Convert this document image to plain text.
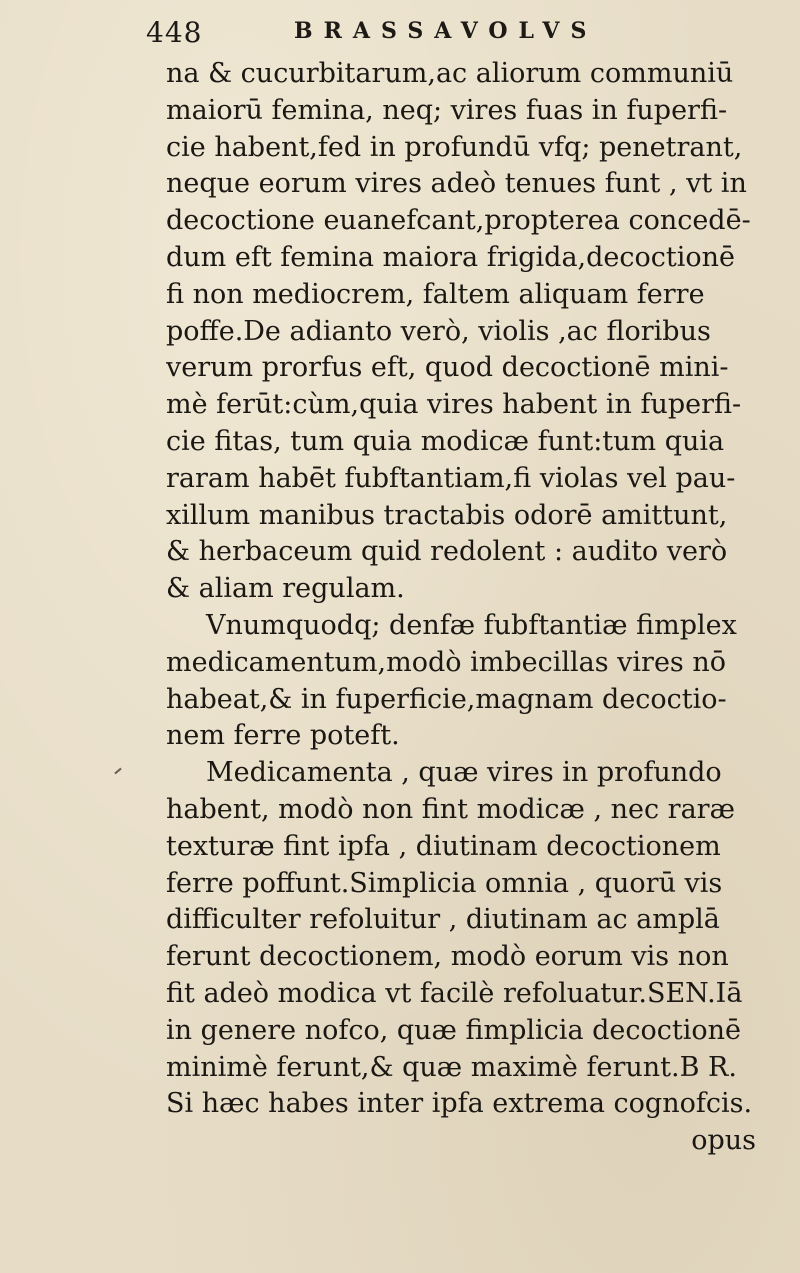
448	BRASSAVOLVS
na & cucurbitarum,ac aliorum communiū
maiorū femina, neq; vires fuas in fuperfi-
cie habent,fed in profundū vfq; penetrant,
neque eorum vires adeò tenues funt , vt in
decoctione euanefcant,propterea concedē-
dum eft femina maiora frigida,decoctionē
fi non mediocrem, faltem aliquam ferre
poffe.De adianto verò, violis ,ac floribus
verum prorfus eft, quod decoctionē mini-
mè ferūt:cùm,quia vires habent in fuperfi-
cie fitas, tum quia modicæ funt:tum quia
raram habēt fubftantiam,fi violas vel pau-
xillum manibus tractabis odorē amittunt,
& herbaceum quid redolent : audito verò
& aliam regulam.
Vnumquodq; denfæ fubftantiæ fimplex
medicamentum,modò imbecillas vires nō
habeat,& in fuperficie,magnam decoctio-
nem ferre poteft.
Medicamenta , quæ vires in profundo
habent, modò non fint modicæ , nec raræ
texturæ fint ipfa , diutinam decoctionem
ferre poffunt.Simplicia omnia , quorū vis
difficulter refoluitur , diutinam ac amplā
ferunt decoctionem, modò eorum vis non
fit adeò modica vt facilè refoluatur.SEN.Iā
in genere nofco, quæ fimplicia decoctionē
minimè ferunt,& quæ maximè ferunt.B R.
Si hæc habes inter ipfa extrema cognofcis.
opus
